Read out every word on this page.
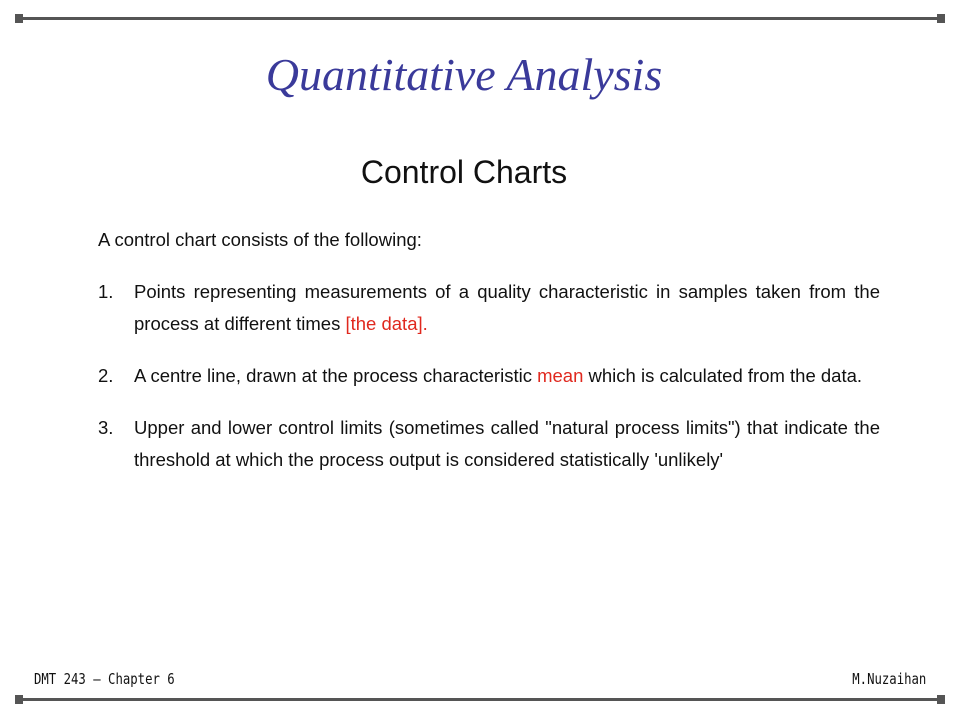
Quantitative Analysis
Control Charts

A control chart consists of the following:

1.	Points representing measurements of a quality characteristic in samples taken from the process at different times [the data].
2.	A centre line, drawn at the process characteristic mean which is calculated from the data.
3.	Upper and lower control limits (sometimes called "natural process limits") that indicate the threshold at which the process output is considered statistically 'unlikely'
DMT 243 – Chapter 6	M.Nuzaihan
